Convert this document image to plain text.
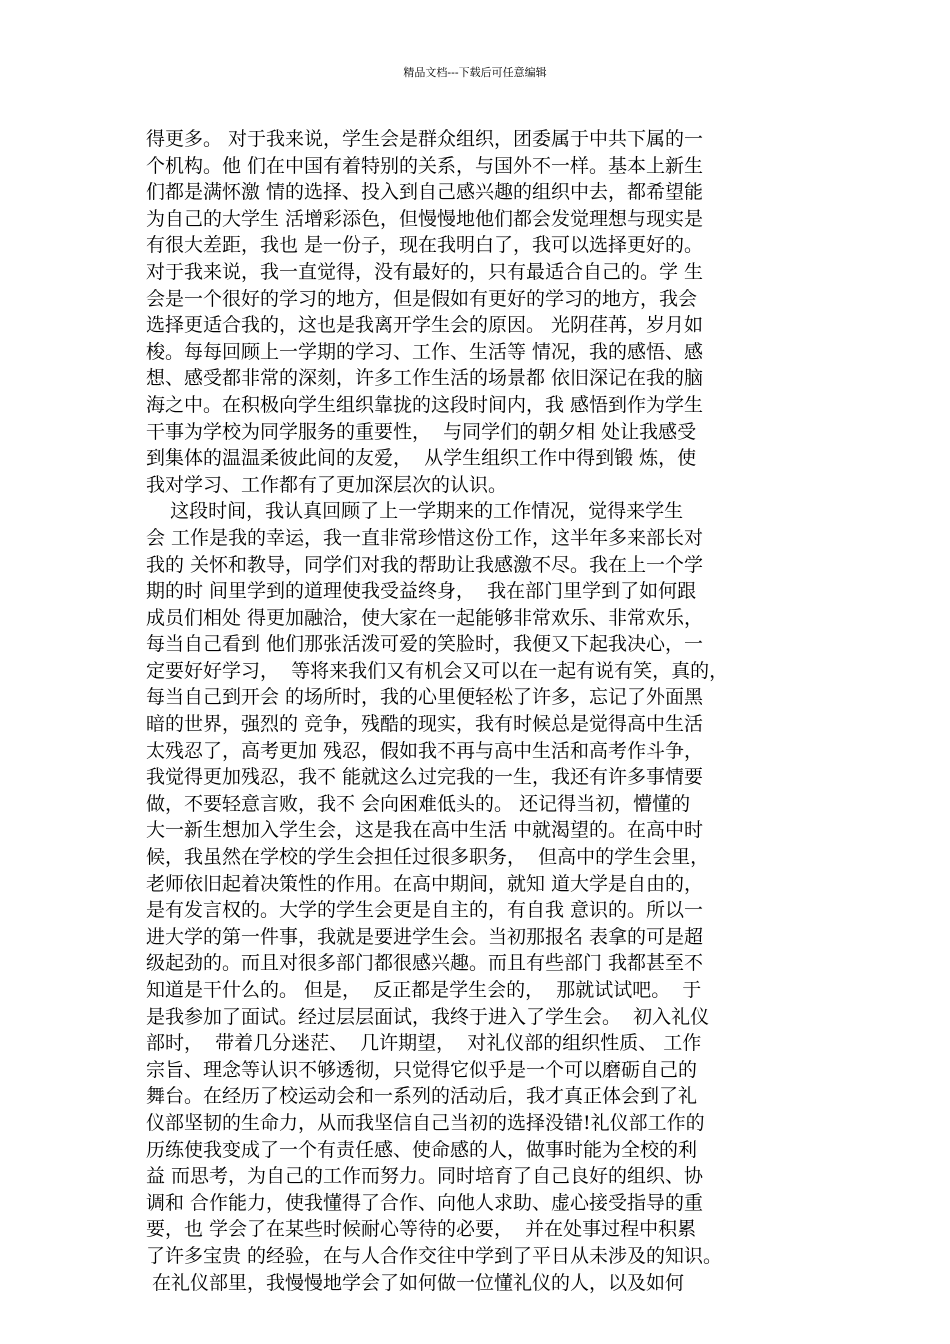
精品文档---下载后可任意编辑
得更多。 对于我来说，学生会是群众组织，团委属于中共下属的一
个机构。他 们在中国有着特别的关系，与国外不一样。基本上新生
们都是满怀激 情的选择、投入到自己感兴趣的组织中去，都希望能
为自己的大学生 活增彩添色，但慢慢地他们都会发觉理想与现实是
有很大差距，我也 是一份子，现在我明白了，我可以选择更好的。
对于我来说，我一直觉得，没有最好的，只有最适合自己的。学 生
会是一个很好的学习的地方，但是假如有更好的学习的地方，我会
选择更适合我的，这也是我离开学生会的原因。 光阴荏苒，岁月如
梭。每每回顾上一学期的学习、工作、生活等 情况，我的感悟、感
想、感受都非常的深刻，许多工作生活的场景都 依旧深记在我的脑
海之中。在积极向学生组织靠拢的这段时间内，我 感悟到作为学生
干事为学校为同学服务的重要性，  与同学们的朝夕相 处让我感受
到集体的温温柔彼此间的友爱，  从学生组织工作中得到锻 炼，使
我对学习、工作都有了更加深层次的认识。
这段时间，我认真回顾了上一学期来的工作情况，觉得来学生
会 工作是我的幸运，我一直非常珍惜这份工作，这半年多来部长对
我的 关怀和教导，同学们对我的帮助让我感激不尽。我在上一个学
期的时 间里学到的道理使我受益终身，  我在部门里学到了如何跟
成员们相处 得更加融洽，使大家在一起能够非常欢乐、非常欢乐，
每当自己看到 他们那张活泼可爱的笑脸时，我便又下起我决心，一
定要好好学习，  等将来我们又有机会又可以在一起有说有笑，真的，
每当自己到开会 的场所时，我的心里便轻松了许多，忘记了外面黑
暗的世界，强烈的 竞争，残酷的现实，我有时候总是觉得高中生活
太残忍了，高考更加 残忍，假如我不再与高中生活和高考作斗争，
我觉得更加残忍，我不 能就这么过完我的一生，我还有许多事情要
做，不要轻意言败，我不 会向困难低头的。 还记得当初，懵懂的
大一新生想加入学生会，这是我在高中生活 中就渴望的。在高中时
候，我虽然在学校的学生会担任过很多职务，  但高中的学生会里，
老师依旧起着决策性的作用。在高中期间，就知 道大学是自由的，
是有发言权的。大学的学生会更是自主的，有自我 意识的。所以一
进大学的第一件事，我就是要进学生会。当初那报名 表拿的可是超
级起劲的。而且对很多部门都很感兴趣。而且有些部门 我都甚至不
知道是干什么的。 但是，  反正都是学生会的，  那就试试吧。  于
是我参加了面试。经过层层面试，我终于进入了学生会。  初入礼仪
部时，  带着几分迷茫、  几许期望，  对礼仪部的组织性质、 工作
宗旨、理念等认识不够透彻，只觉得它似乎是一个可以磨砺自己的
舞台。在经历了校运动会和一系列的活动后，我才真正体会到了礼
仪部坚韧的生命力，从而我坚信自己当初的选择没错!礼仪部工作的
历练使我变成了一个有责任感、使命感的人，做事时能为全校的利
益 而思考，为自己的工作而努力。同时培育了自己良好的组织、协
调和 合作能力，使我懂得了合作、向他人求助、虚心接受指导的重
要，也 学会了在某些时候耐心等待的必要，  并在处事过程中积累
了许多宝贵 的经验，在与人合作交往中学到了平日从未涉及的知识。
在礼仪部里，我慢慢地学会了如何做一位懂礼仪的人，以及如何
